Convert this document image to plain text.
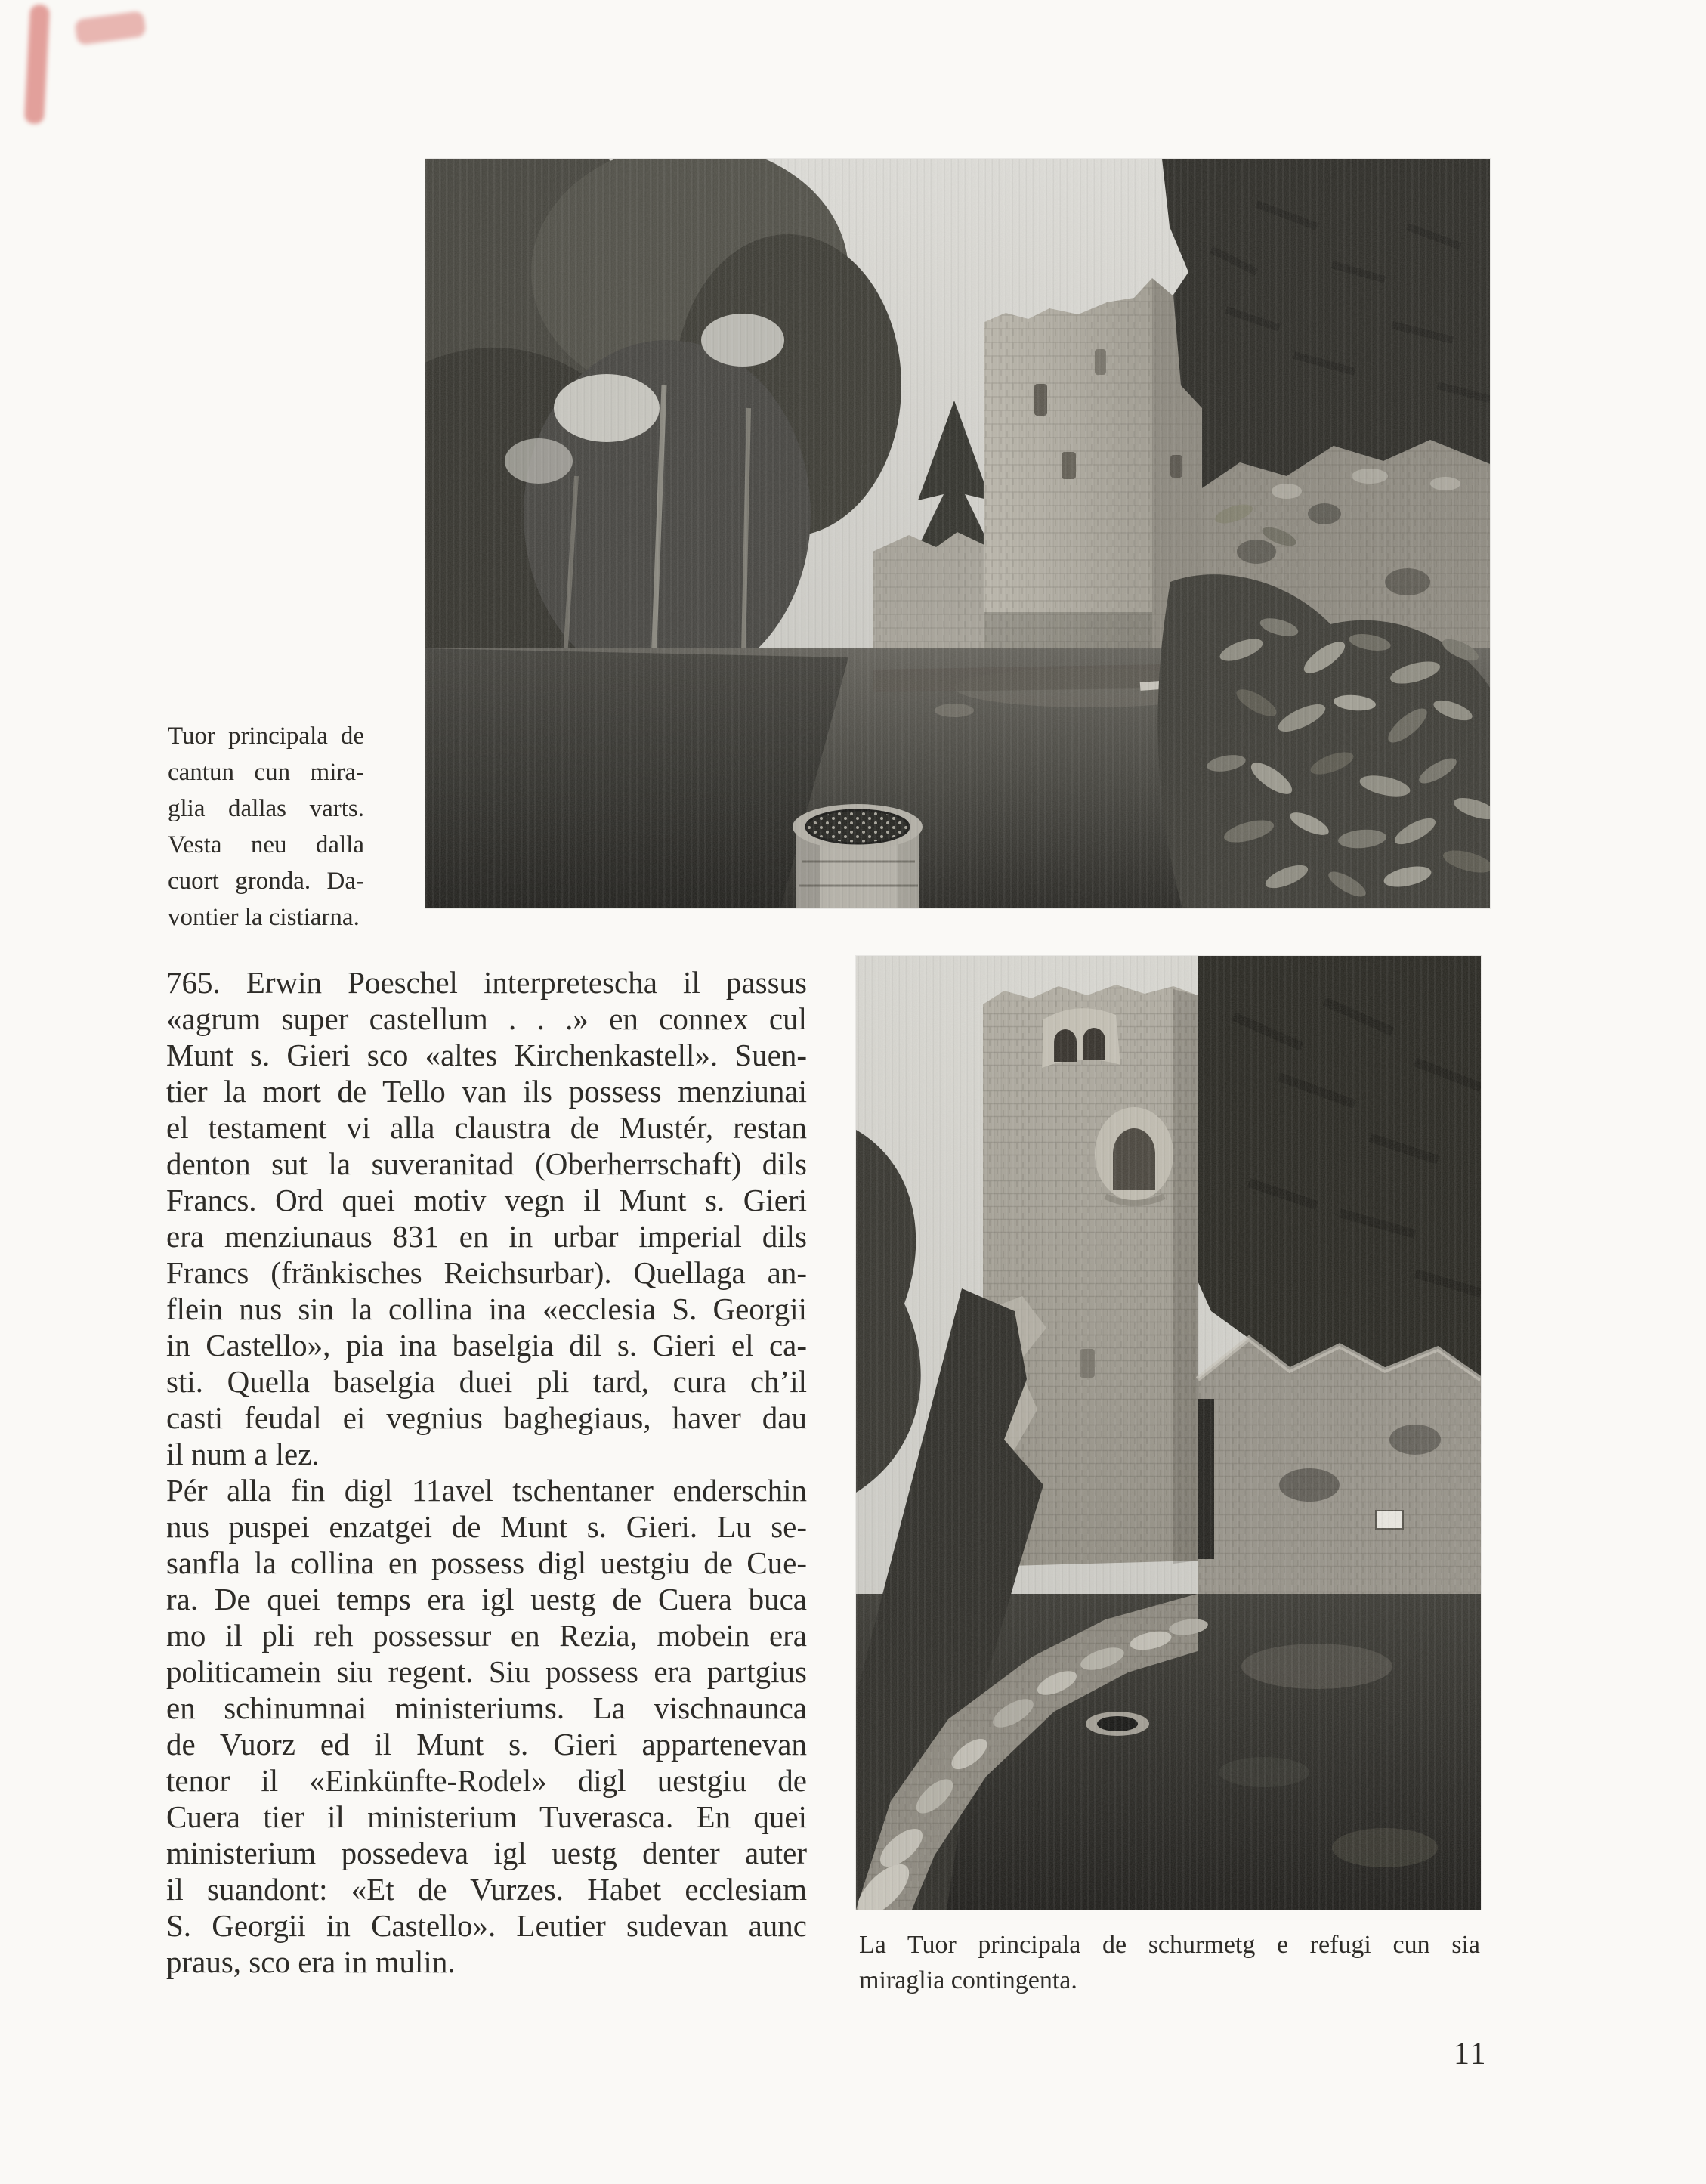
Tuor principala de
cantun cun mira-
glia dallas varts.
Vesta neu dalla
cuort gronda. Da-
vontier la cistiarna.

765. Erwin Poeschel interpretescha il passus
«agrum super castellum . . .» en connex cul
Munt s. Gieri sco «altes Kirchenkastell». Suen-
tier la mort de Tello van ils possess menziunai
el testament vi alla claustra de Mustér, restan
denton sut la suveranitad (Oberherrschaft) dils
Francs. Ord quei motiv vegn il Munt s. Gieri
era menziunaus 831 en in urbar imperial dils
Francs (fränkisches Reichsurbar). Quellaga an-
flein nus sin la collina ina «ecclesia S. Georgii
in Castello», pia ina baselgia dil s. Gieri el ca-
sti. Quella baselgia duei pli tard, cura ch’il
casti feudal ei vegnius baghegiaus, haver dau
il num a lez.

Pér alla fin digl 11avel tschentaner enderschin
nus puspei enzatgei de Munt s. Gieri. Lu se-
sanfla la collina en possess digl uestgiu de Cue-
ra. De quei temps era igl uestg de Cuera buca
mo il pli reh possessur en Rezia, mobein era
politicamein siu regent. Siu possess era partgius
en schinumnai ministeriums. La vischnaunca
de Vuorz ed il Munt s. Gieri appartenevan
tenor il «Einkünfte-Rodel» digl uestgiu de
Cuera tier il ministerium Tuverasca. En quei
ministerium possedeva igl uestg denter auter
il suandont: «Et de Vurzes. Habet ecclesiam
S. Georgii in Castello». Leutier sudevan aunc
praus, sco era in mulin.	La Tuor principala de schurmetg e refugi cun sia
miraglia contingenta.
11
